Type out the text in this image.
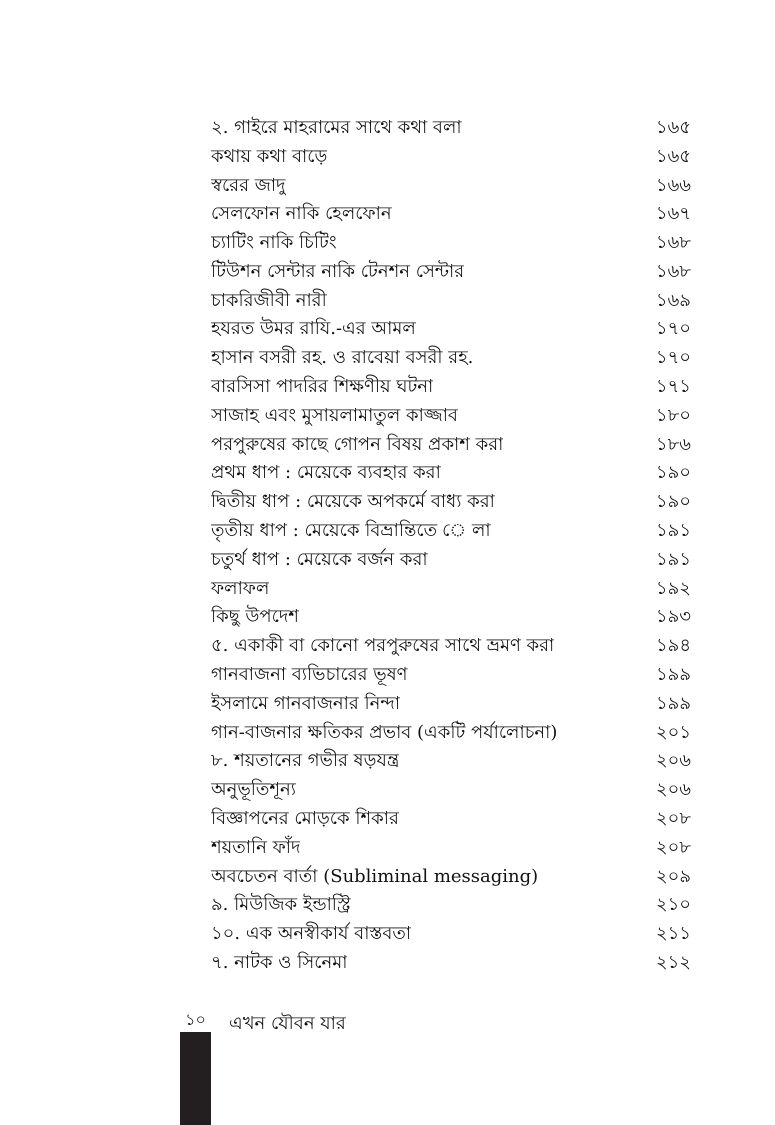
২. গাইরে মাহরামের সাথে কথা বলা	১৬৫
কথায় কথা বাড়ে	১৬৫
স্বরের জাদু	১৬৬
সেলফোন নাকি হেলফোন	১৬৭
চ্যাটিং নাকি চিটিং	১৬৮
টিউশন সেন্টার নাকি টেনশন সেন্টার	১৬৮
চাকরিজীবী নারী	১৬৯
হযরত উমর রাযি.-এর আমল	১৭০
হাসান বসরী রহ. ও রাবেয়া বসরী রহ.	১৭০
বারসিসা পাদরির শিক্ষণীয় ঘটনা	১৭১
সাজাহ এবং মুসায়লামাতুল কাজ্জাব	১৮০
পরপুরুষের কাছে গোপন বিষয় প্রকাশ করা	১৮৬
প্রথম ধাপ : মেয়েকে ব্যবহার করা	১৯০
দ্বিতীয় ধাপ : মেয়েকে অপকর্মে বাধ্য করা	১৯০
তৃতীয় ধাপ : মেয়েকে বিভ্রান্তিতে ে লা	১৯১
চতুর্থ ধাপ : মেয়েকে বর্জন করা	১৯১
ফলাফল	১৯২
কিছু উপদেশ	১৯৩
৫. একাকী বা কোনো পরপুরুষের সাথে ভ্রমণ করা	১৯৪
গানবাজনা ব্যভিচারের ভূষণ	১৯৯
ইসলামে গানবাজনার নিন্দা	১৯৯
গান-বাজনার ক্ষতিকর প্রভাব (একটি পর্যালোচনা)	২০১
৮. শয়তানের গভীর ষড়যন্ত্র	২০৬
অনুভূতিশূন্য	২০৬
বিজ্ঞাপনের মোড়কে শিকার	২০৮
শয়তানি ফাঁদ	২০৮
অবচেতন বার্তা (Subliminal messaging)	২০৯
৯. মিউজিক ইন্ডাস্ট্রি	২১০
১০. এক অনস্বীকার্য বাস্তবতা	২১১
৭. নাটক ও সিনেমা	২১২
১০ এখন যৌবন যার
